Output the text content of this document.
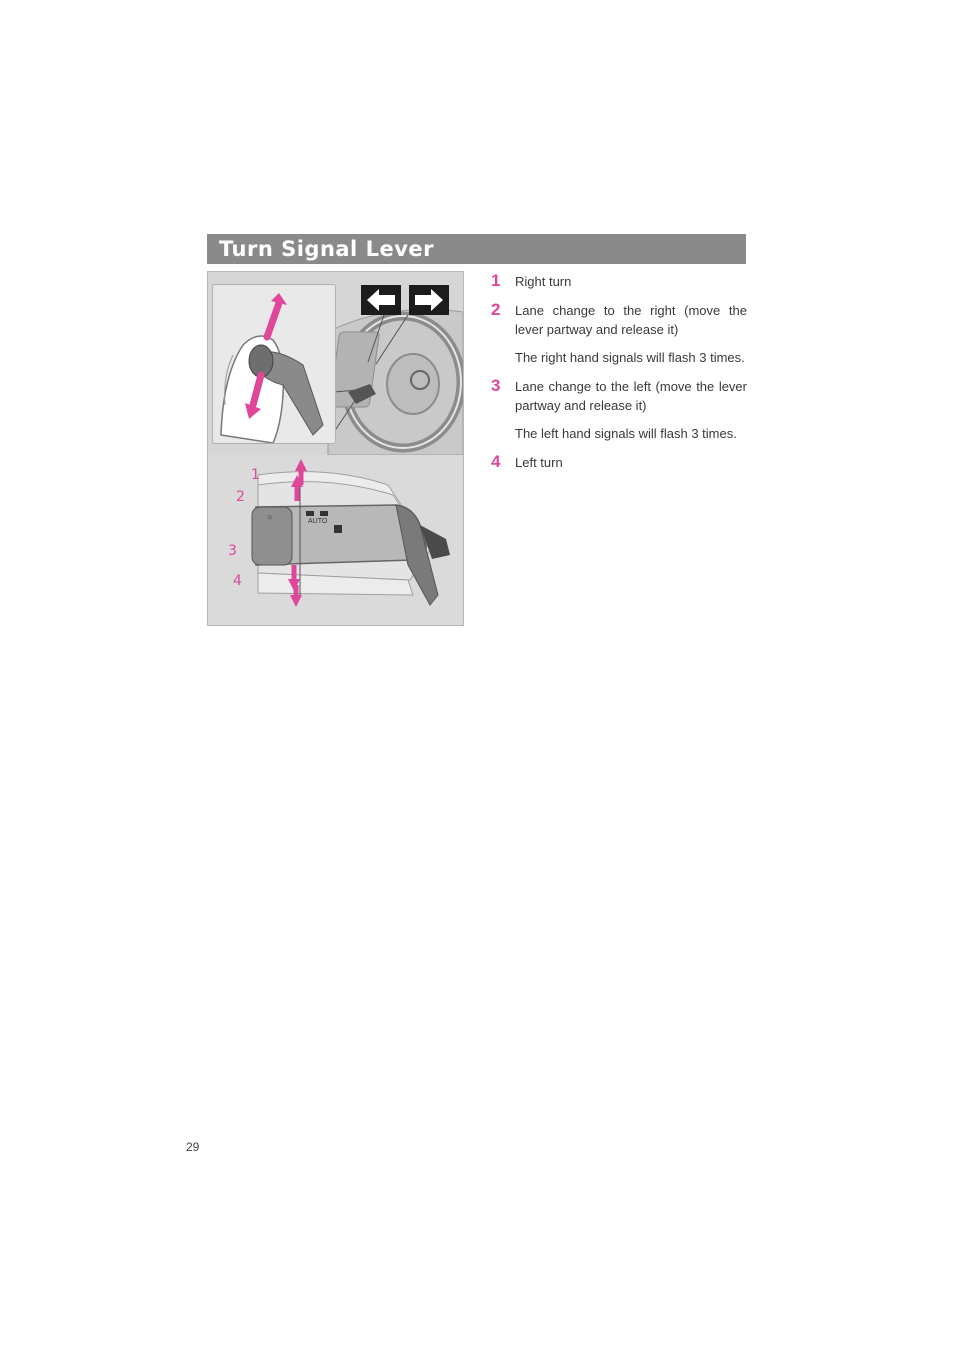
Turn Signal Lever
☼
AUTO
1
2
3
4
1 Right turn
2 Lane change to the right (move the lever partway and release it)
The right hand signals will flash 3 times.
3 Lane change to the left (move the lever partway and release it)
The left hand signals will flash 3 times.
4 Left turn
29
